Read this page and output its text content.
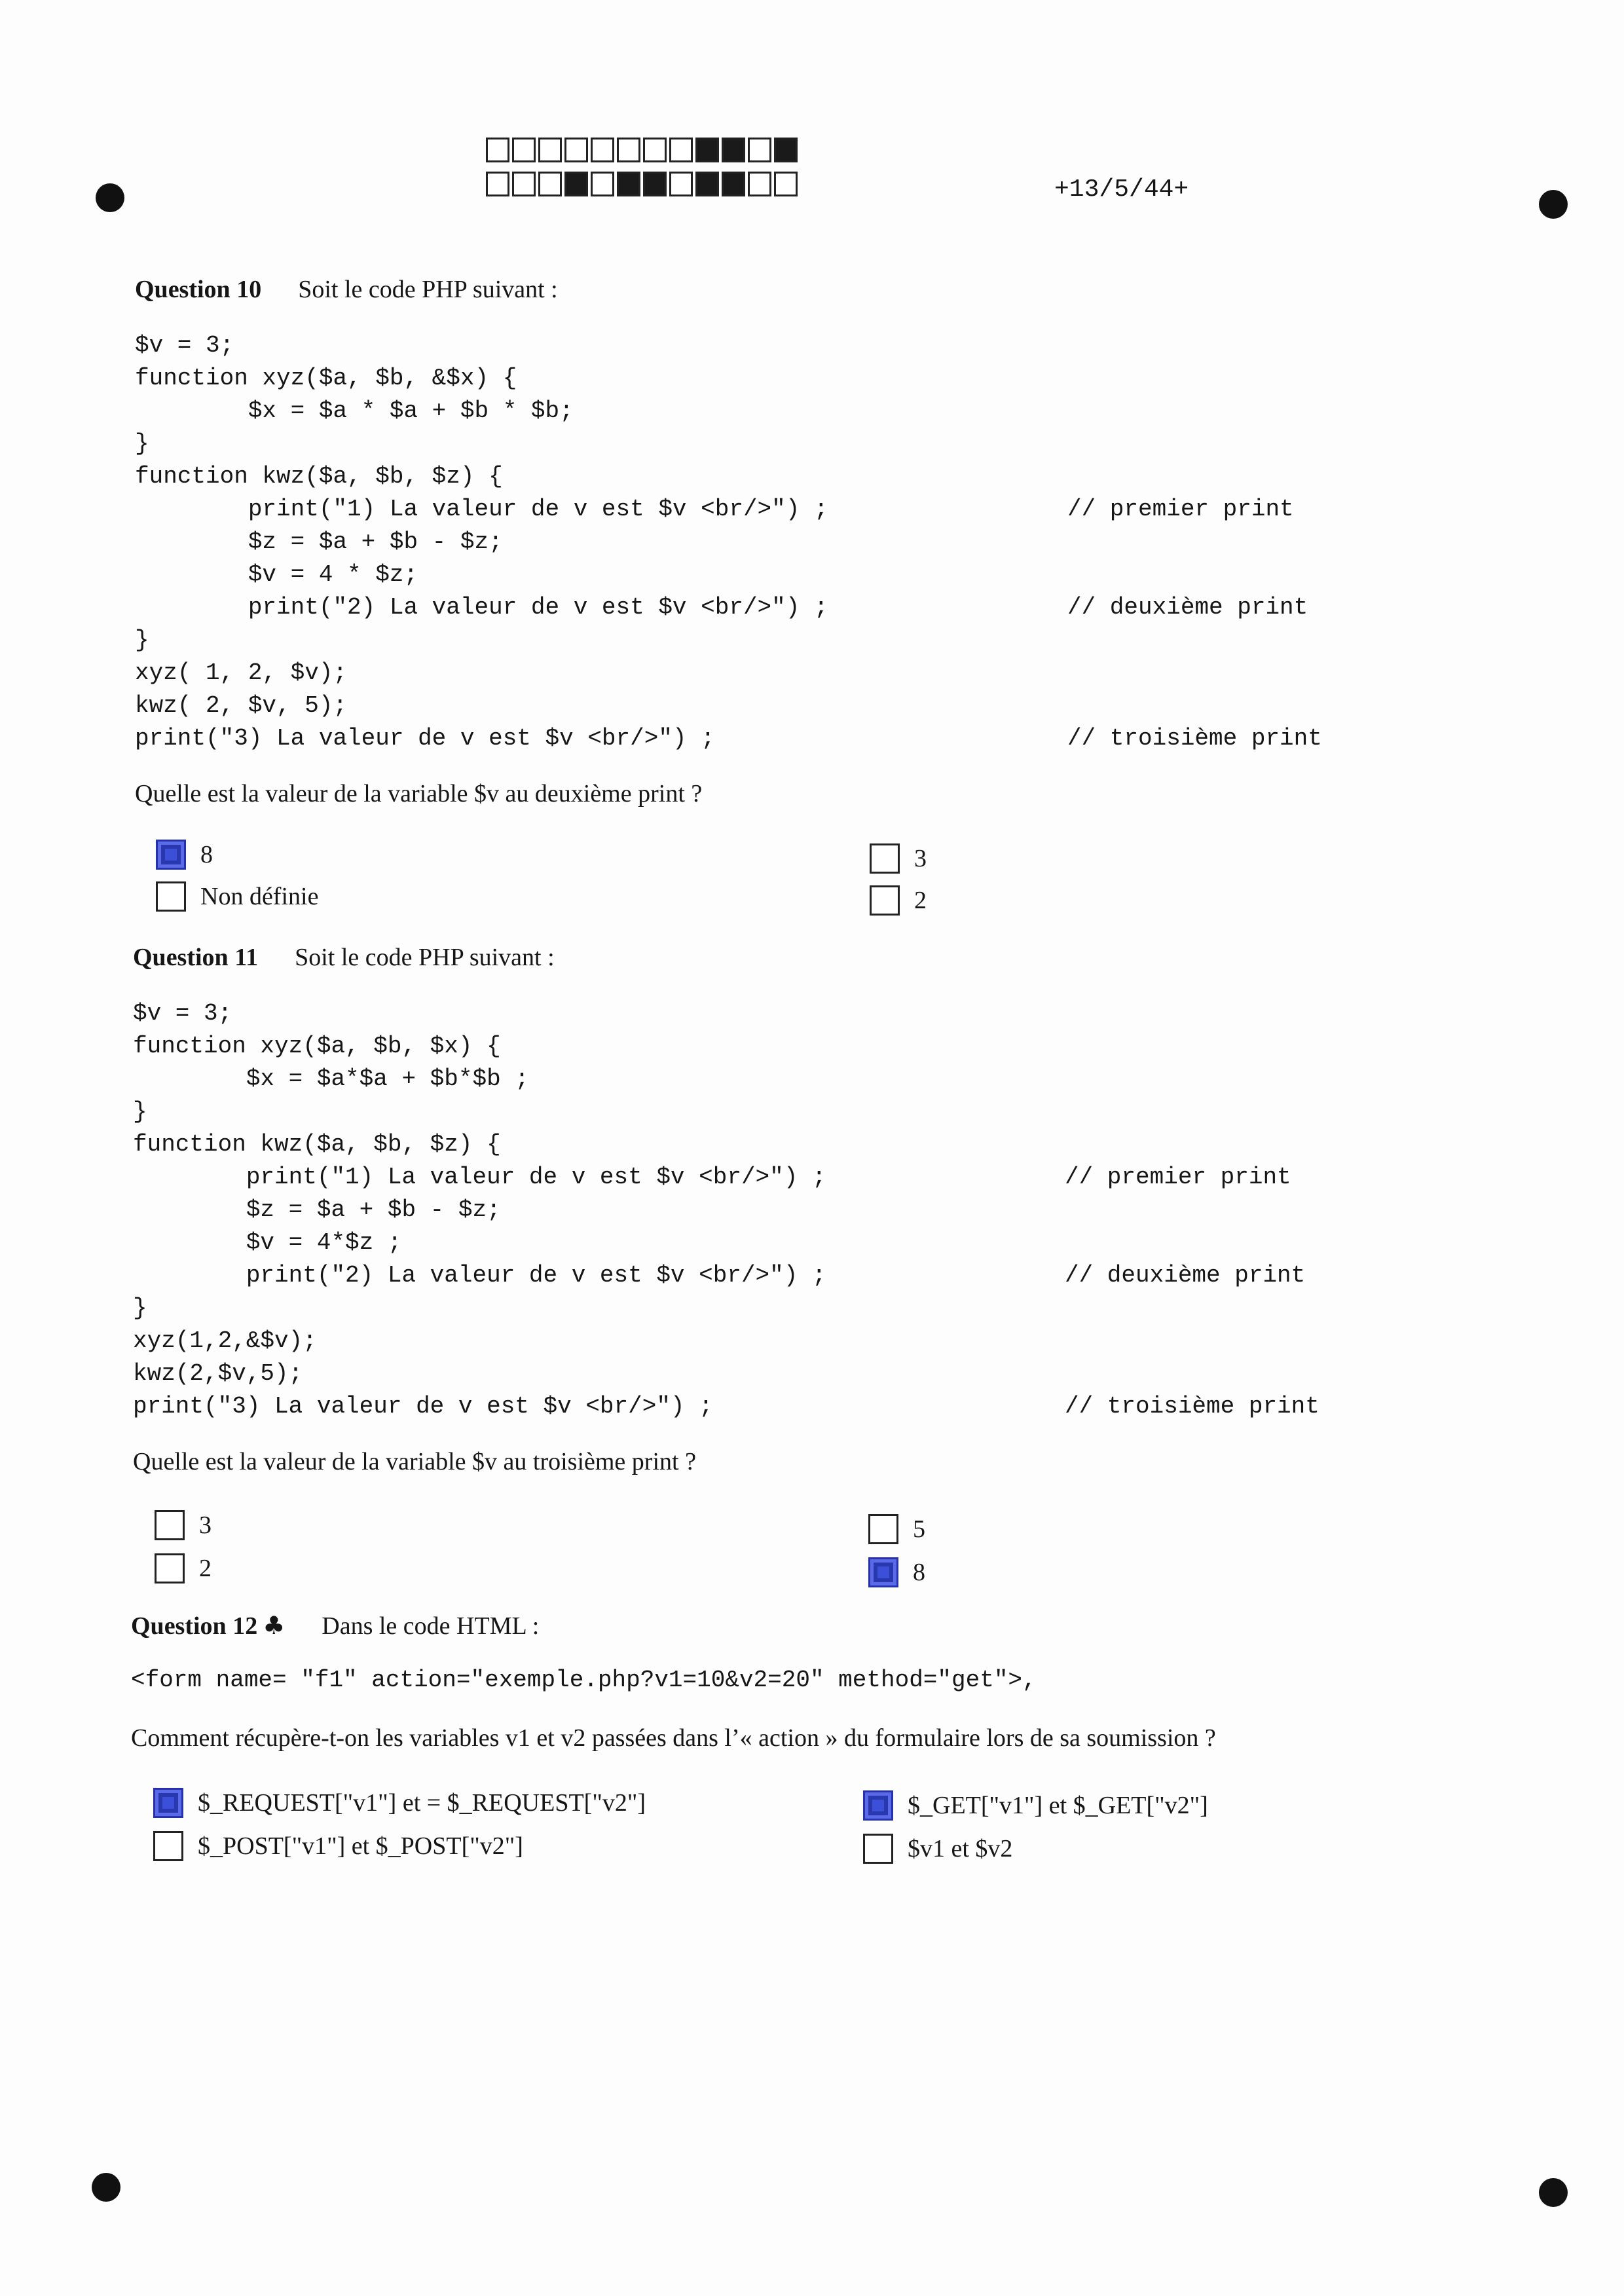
+13/5/44+
Question 10 Soit le code PHP suivant :
$v = 3;
function xyz($a, $b, &$x) {
$x = $a * $a + $b * $b;
}
function kwz($a, $b, $z) {
print("1) La valeur de v est $v <br/>") ;
$z = $a + $b - $z;
$v = 4 * $z;
print("2) La valeur de v est $v <br/>") ;
}
xyz( 1, 2, $v);
kwz( 2, $v, 5);
print("3) La valeur de v est $v <br/>") ;
// premier print
// deuxième print
// troisième print
Quelle est la valeur de la variable $v au deuxième print ?
8
Non définie
3
2
Question 11 Soit le code PHP suivant :
$v = 3;
function xyz($a, $b, $x) {
$x = $a*$a + $b*$b ;
}
function kwz($a, $b, $z) {
print("1) La valeur de v est $v <br/>") ;
$z = $a + $b - $z;
$v = 4*$z ;
print("2) La valeur de v est $v <br/>") ;
}
xyz(1,2,&$v);
kwz(2,$v,5);
print("3) La valeur de v est $v <br/>") ;
// premier print
// deuxième print
// troisième print
Quelle est la valeur de la variable $v au troisième print ?
3
2
5
8
Question 12 ♣ Dans le code HTML :
<form name= "f1" action="exemple.php?v1=10&v2=20" method="get">,
Comment récupère-t-on les variables v1 et v2 passées dans l’« action » du formulaire lors de sa soumission ?
$_REQUEST["v1"] et = $_REQUEST["v2"]
$_POST["v1"] et $_POST["v2"]
$_GET["v1"] et $_GET["v2"]
$v1 et $v2
